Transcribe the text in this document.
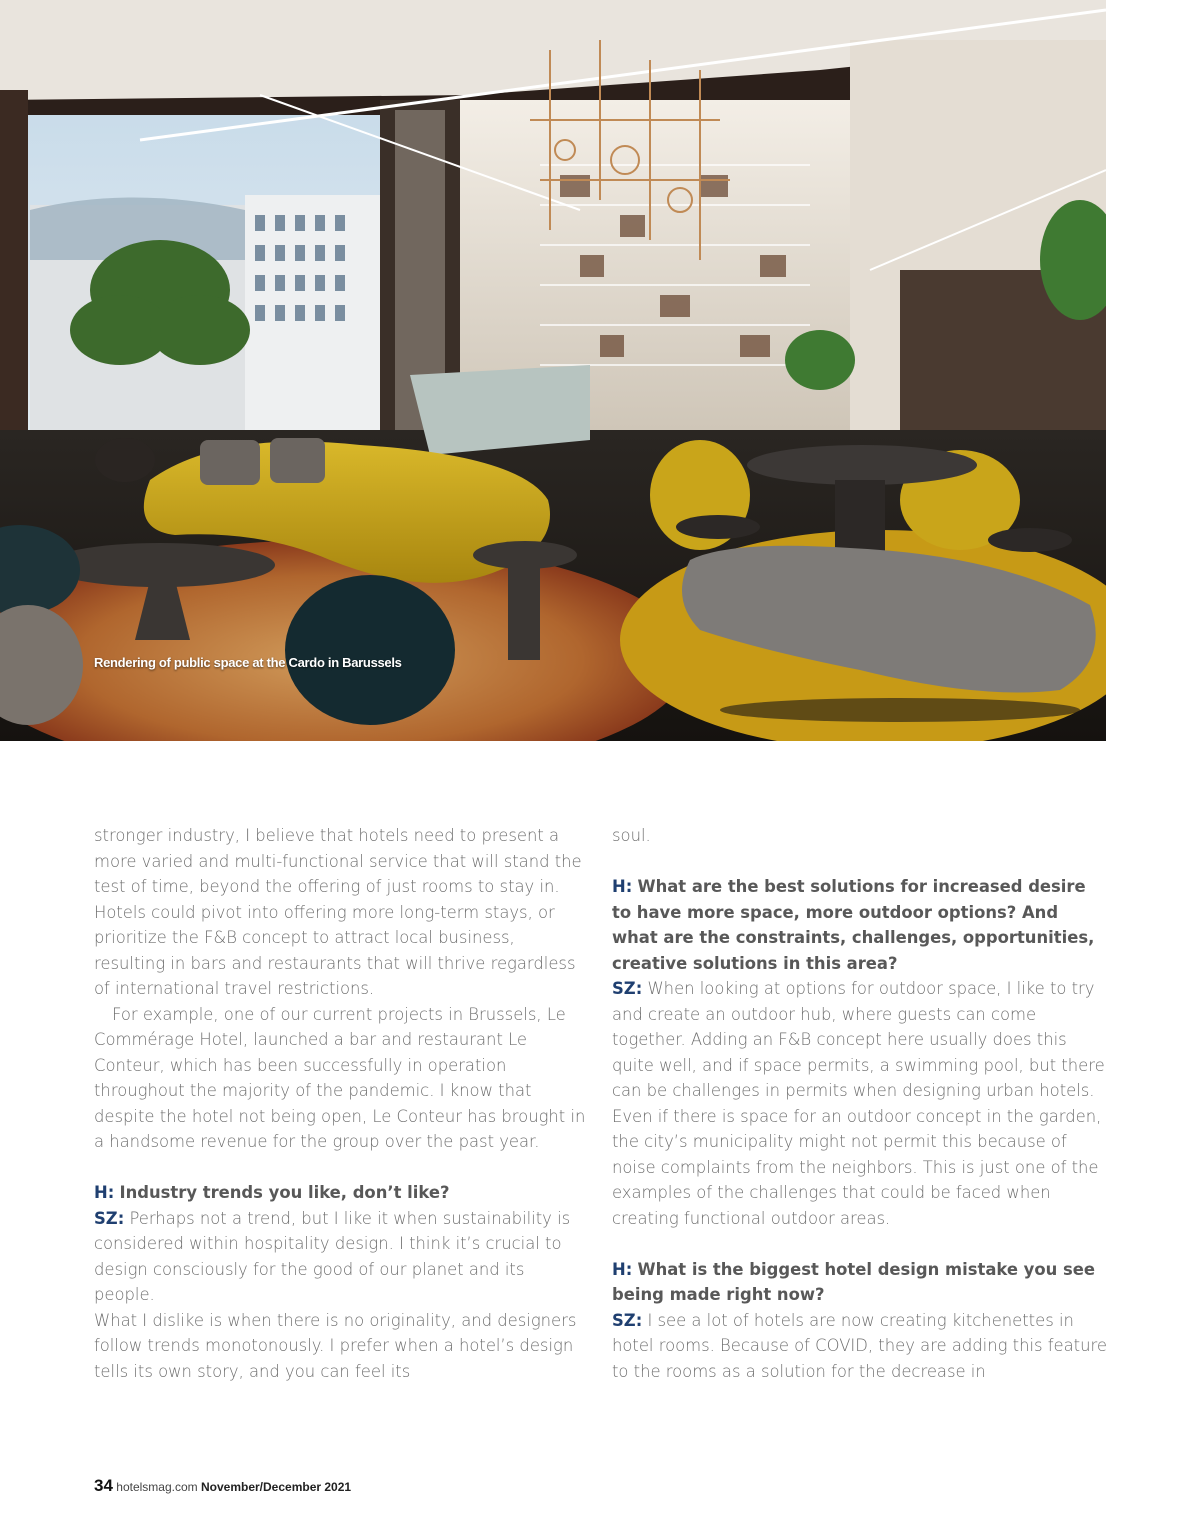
Rendering of public space at the Cardo in Barussels

stronger industry, I believe that hotels need to present a more varied and multi-functional service that will stand the test of time, beyond the offering of just rooms to stay in. Hotels could pivot into offering more long-term stays, or prioritize the F&B concept to attract local business, resulting in bars and restaurants that will thrive regardless of international travel restrictions.

For example, one of our current projects in Brussels, Le Commérage Hotel, launched a bar and restaurant Le Conteur, which has been successfully in operation throughout the majority of the pandemic. I know that despite the hotel not being open, Le Conteur has brought in a handsome revenue for the group over the past year.

H: Industry trends you like, don’t like?

SZ: Perhaps not a trend, but I like it when sustainability is considered within hospitality design. I think it’s crucial to design consciously for the good of our planet and its people.

What I dislike is when there is no originality, and designers follow trends monotonously. I prefer when a hotel’s design tells its own story, and you can feel its

soul.

H: What are the best solutions for increased desire to have more space, more outdoor options? And what are the constraints, challenges, opportunities, creative solutions in this area?

SZ: When looking at options for outdoor space, I like to try and create an outdoor hub, where guests can come together. Adding an F&B concept here usually does this quite well, and if space permits, a swimming pool, but there can be challenges in permits when designing urban hotels. Even if there is space for an outdoor concept in the garden, the city’s municipality might not permit this because of noise complaints from the neighbors. This is just one of the examples of the challenges that could be faced when creating functional outdoor areas.

H: What is the biggest hotel design mistake you see being made right now?

SZ: I see a lot of hotels are now creating kitchenettes in hotel rooms. Because of COVID, they are adding this feature to the rooms as a solution for the decrease in

34 hotelsmag.com November/December 2021
